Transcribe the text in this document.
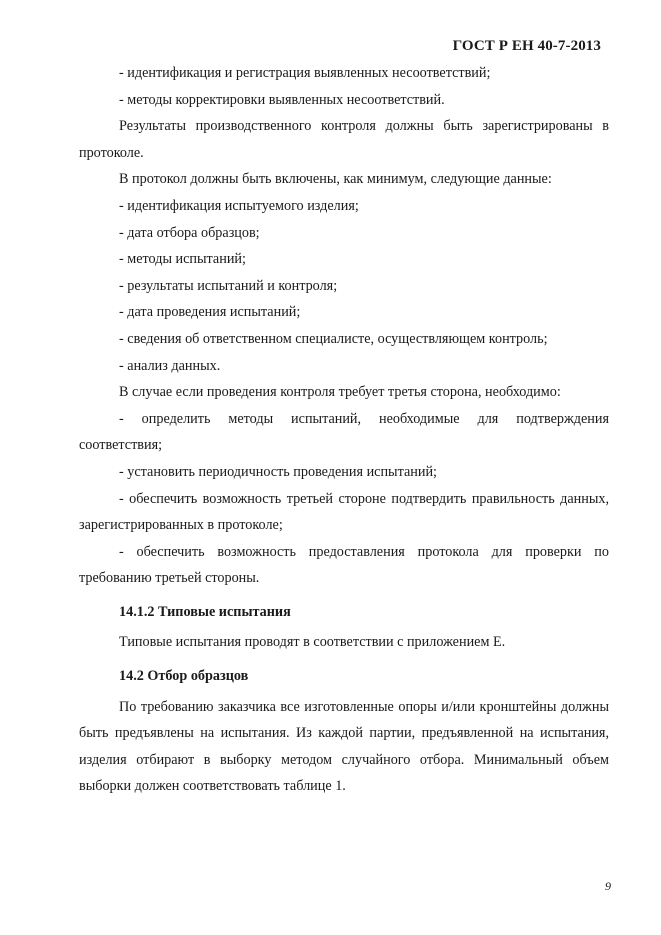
ГОСТ Р ЕН 40-7-2013

- идентификация и регистрация выявленных несоответствий;

- методы корректировки выявленных несоответствий.

Результаты производственного контроля должны быть зарегистрированы в протоколе.

В протокол должны быть включены, как минимум, следующие данные:

- идентификация испытуемого изделия;

- дата отбора образцов;

- методы испытаний;

- результаты испытаний и контроля;

- дата проведения испытаний;

- сведения об ответственном специалисте, осуществляющем контроль;

- анализ данных.

В случае если проведения контроля требует третья сторона, необходимо:

- определить методы испытаний, необходимые для подтверждения соответствия;

- установить периодичность проведения испытаний;

- обеспечить возможность третьей стороне подтвердить правильность данных, зарегистрированных в протоколе;

- обеспечить возможность предоставления протокола для проверки по требованию третьей стороны.

14.1.2 Типовые испытания

Типовые испытания проводят в соответствии с приложением Е.

14.2 Отбор образцов

По требованию заказчика все изготовленные опоры и/или кронштейны должны быть предъявлены на испытания. Из каждой партии, предъявленной на испытания, изделия отбирают в выборку методом случайного отбора. Минимальный объем выборки должен соответствовать таблице 1.

9
